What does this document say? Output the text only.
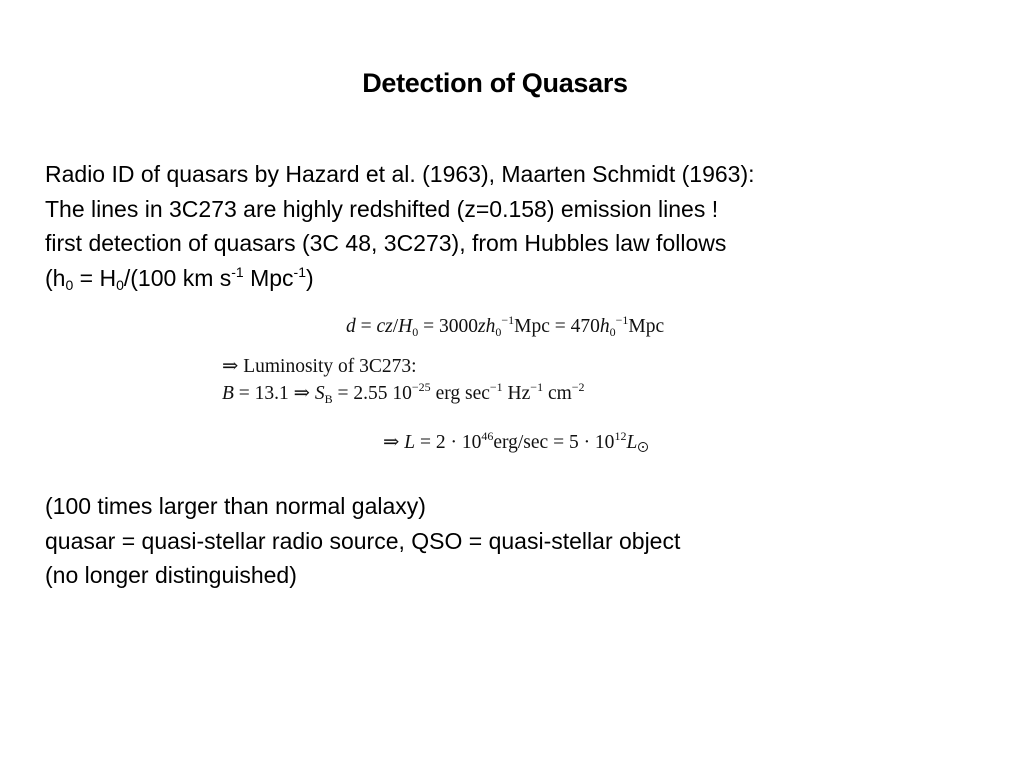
Detection of Quasars
Radio ID of quasars by Hazard et al. (1963), Maarten Schmidt (1963):
The lines in 3C273 are highly redshifted (z=0.158) emission lines !
first detection of quasars (3C 48, 3C273), from Hubbles law follows
($h_0 = H_0/(100$ km $s^{-1}$ Mpc$^{-1}$)
$d = cz/H_0 = 3000zh_0^{-1}Mpc = 470h_0^{-1}Mpc$
⇒ Luminosity of 3C273:
B = 13.1 ⇒ $S_B = 2.55$ $10^{-25}$ erg $\sec^{-1} Hz^{-1}$ $cm^{-2}$
⇒ $L = 2 \cdot 10^{46}erg/\sec = 5 \cdot 10^{12}L$
(100 times larger than normal galaxy)
quasar = quasi-stellar radio source, QSO = quasi-stellar object
(no longer distinguished)
